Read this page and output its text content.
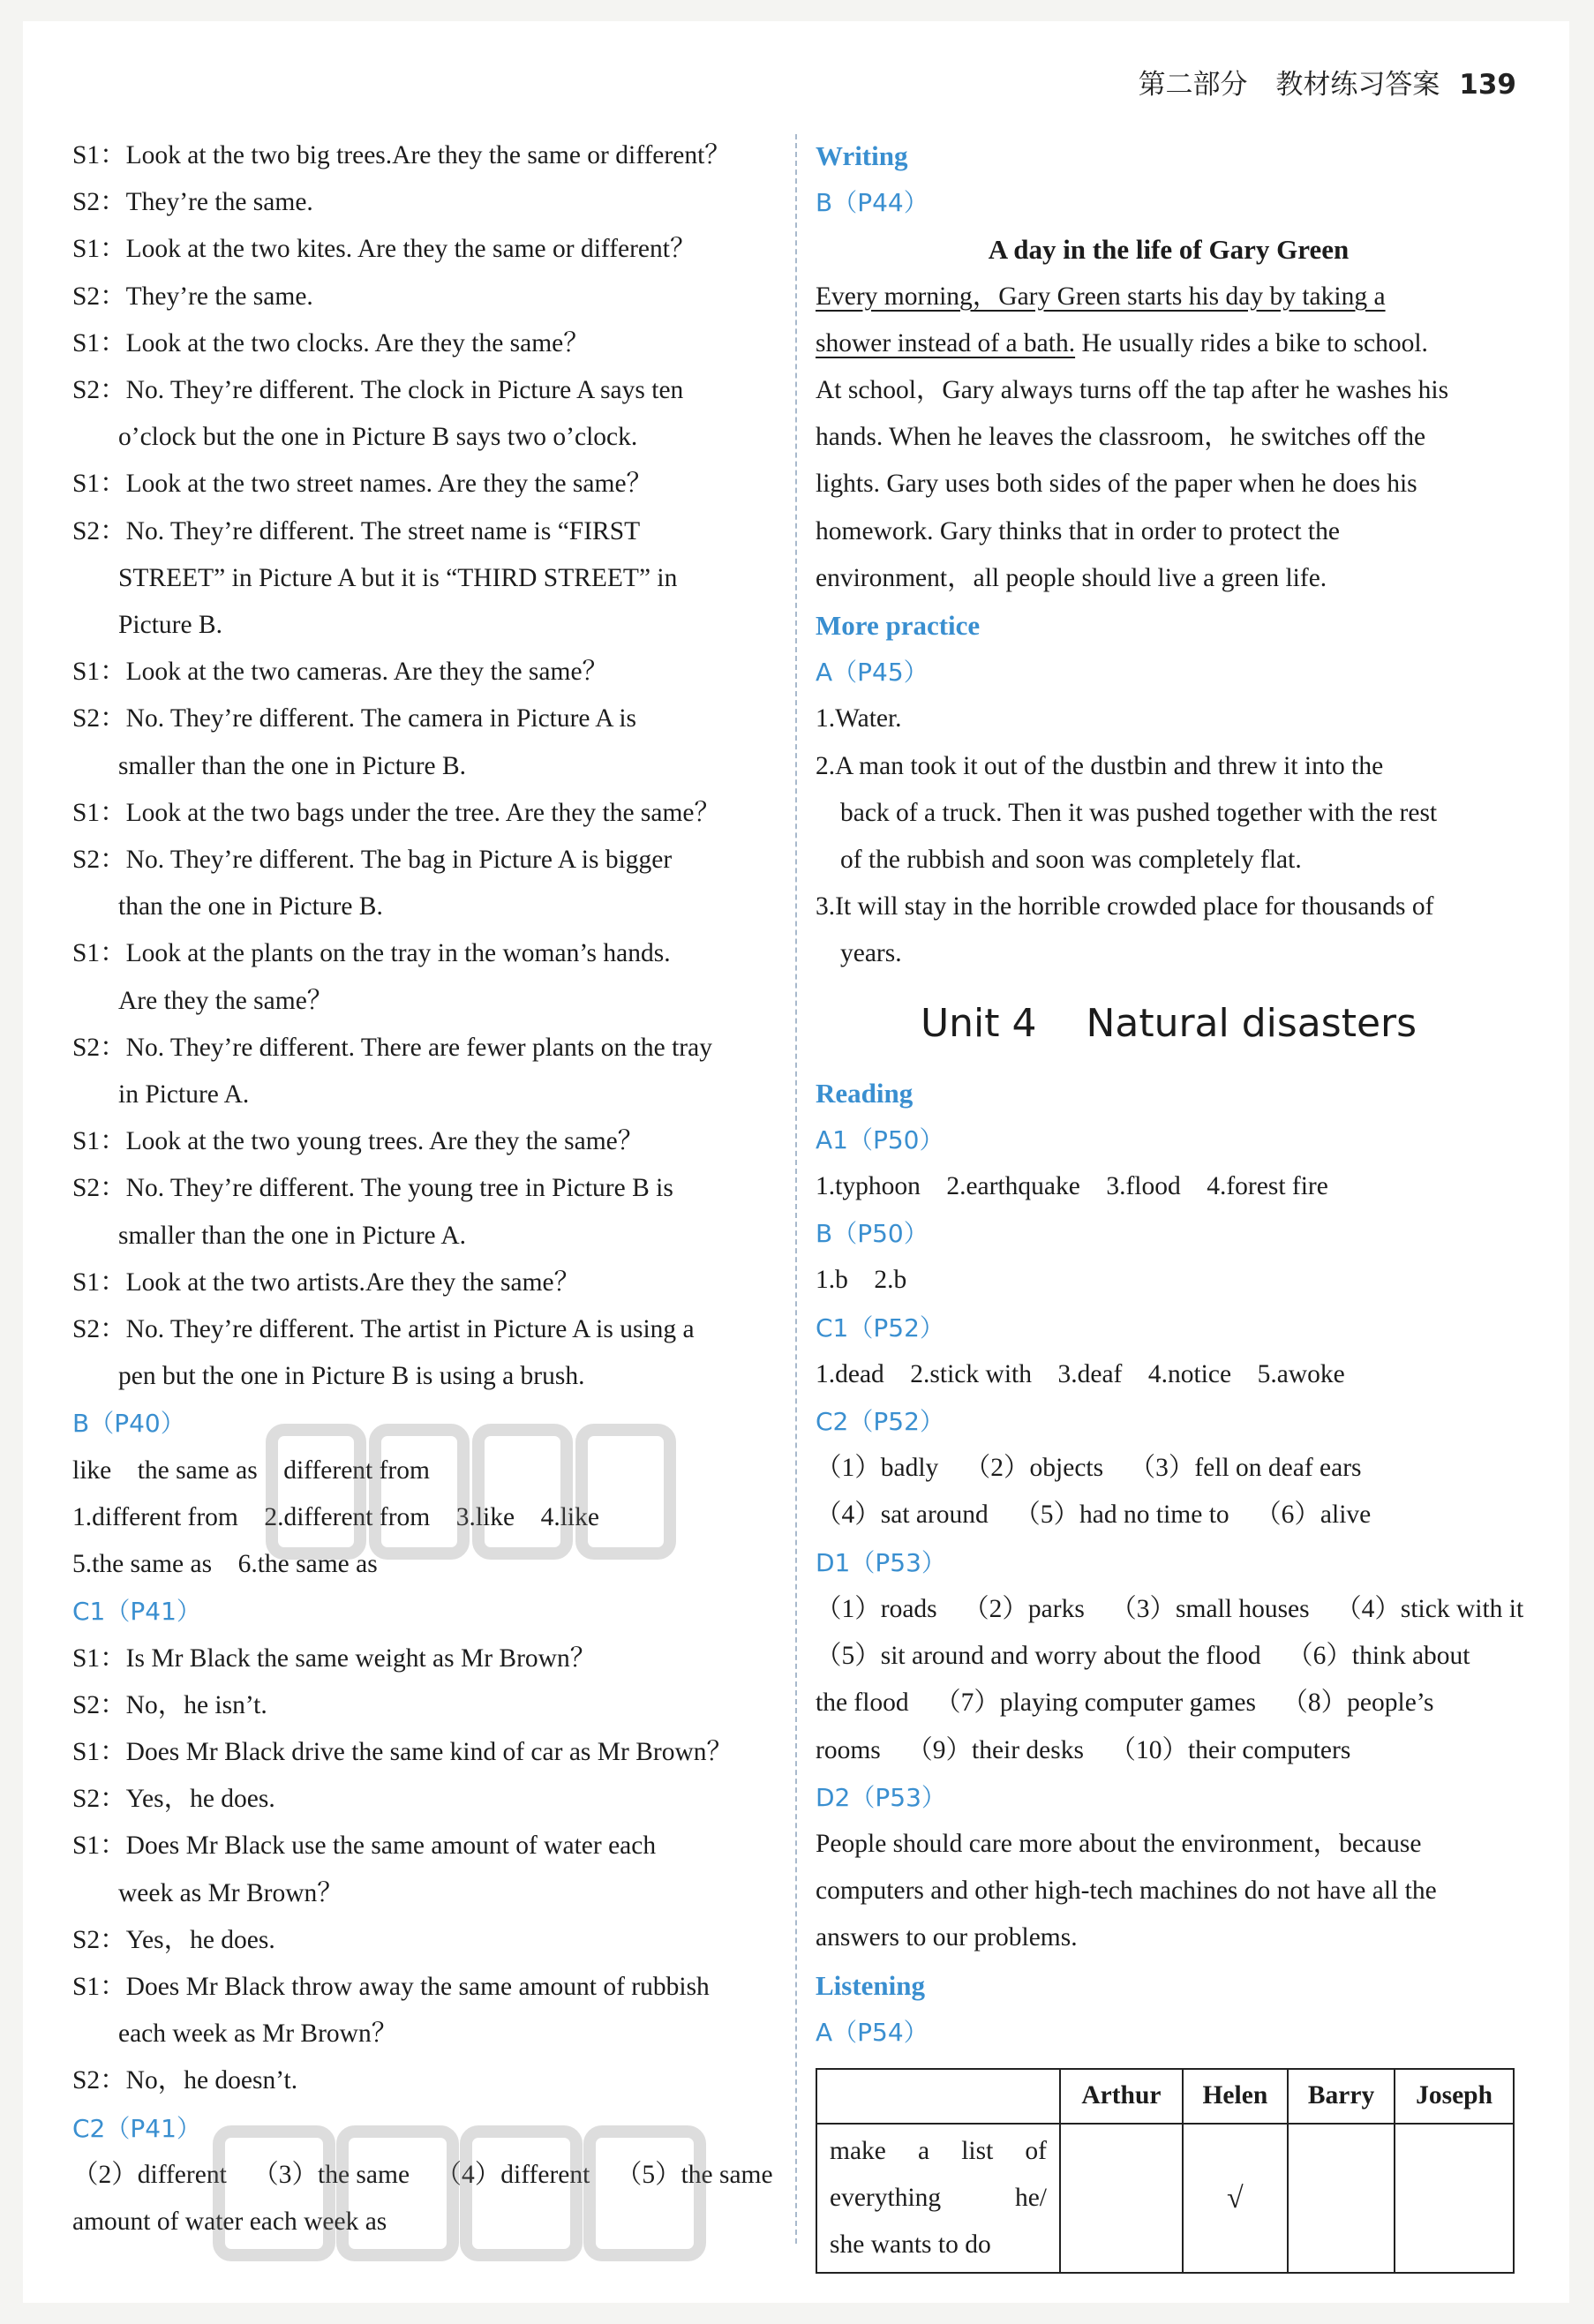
第二部分 教材练习答案 139
S1：Look at the two big trees.Are they the same or different？
S2：They’re the same.
S1：Look at the two kites. Are they the same or different？
S2：They’re the same.
S1：Look at the two clocks. Are they the same？
S2：No. They’re different. The clock in Picture A says ten
o’clock but the one in Picture B says two o’clock.
S1：Look at the two street names. Are they the same？
S2：No. They’re different. The street name is “FIRST
STREET” in Picture A but it is “THIRD STREET” in
Picture B.
S1：Look at the two cameras. Are they the same？
S2：No. They’re different. The camera in Picture A is
smaller than the one in Picture B.
S1：Look at the two bags under the tree. Are they the same？
S2：No. They’re different. The bag in Picture A is bigger
than the one in Picture B.
S1：Look at the plants on the tray in the woman’s hands.
Are they the same？
S2：No. They’re different. There are fewer plants on the tray
in Picture A.
S1：Look at the two young trees. Are they the same？
S2：No. They’re different. The young tree in Picture B is
smaller than the one in Picture A.
S1：Look at the two artists.Are they the same？
S2：No. They’re different. The artist in Picture A is using a
pen but the one in Picture B is using a brush.
B（P40）
like    the same as    different from
1.different from    2.different from    3.like    4.like
5.the same as    6.the same as
C1（P41）
S1：Is Mr Black the same weight as Mr Brown？
S2：No，he isn’t.
S1：Does Mr Black drive the same kind of car as Mr Brown？
S2：Yes，he does.
S1：Does Mr Black use the same amount of water each
week as Mr Brown？
S2：Yes，he does.
S1：Does Mr Black throw away the same amount of rubbish
each week as Mr Brown？
S2：No，he doesn’t.
C2（P41）
（2）different    （3）the same    （4）different    （5）the same
amount of water each week as
Writing
B（P44）
A day in the life of Gary Green
Every morning，Gary Green starts his day by taking a
shower instead of a bath. He usually rides a bike to school.
At school，Gary always turns off the tap after he washes his
hands. When he leaves the classroom，he switches off the
lights. Gary uses both sides of the paper when he does his
homework. Gary thinks that in order to protect the
environment，all people should live a green life.
More practice
A（P45）
1.Water.
2.A man took it out of the dustbin and threw it into the
back of a truck. Then it was pushed together with the rest
of the rubbish and soon was completely flat.
3.It will stay in the horrible crowded place for thousands of
years.
Unit 4    Natural disasters
Reading
A1（P50）
1.typhoon    2.earthquake    3.flood    4.forest fire
B（P50）
1.b    2.b
C1（P52）
1.dead    2.stick with    3.deaf    4.notice    5.awoke
C2（P52）
（1）badly    （2）objects    （3）fell on deaf ears
（4）sat around    （5）had no time to    （6）alive
D1（P53）
（1）roads    （2）parks    （3）small houses    （4）stick with it
（5）sit around and worry about the flood    （6）think about
the flood    （7）playing computer games    （8）people’s
rooms    （9）their desks    （10）their computers
D2（P53）
People should care more about the environment，because
computers and other high-tech machines do not have all the
answers to our problems.
Listening
A（P54）
	Arthur	Helen	Barry	Joseph

make a list of
everything he/
she wants to do		√		
